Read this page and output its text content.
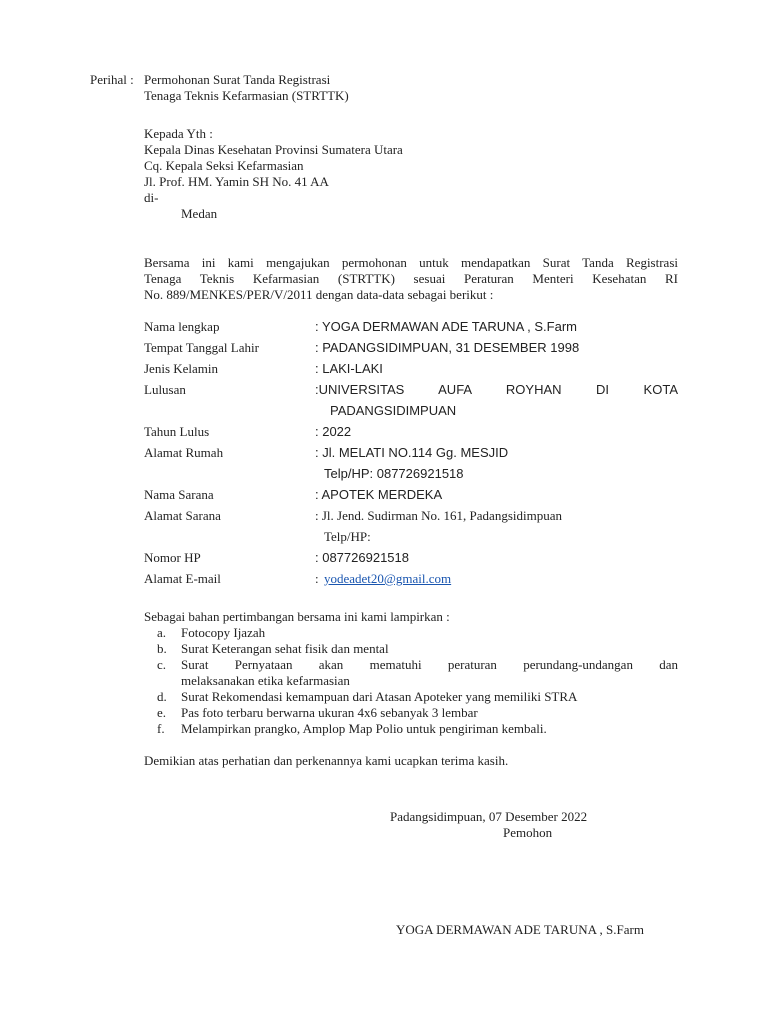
Perihal : Permohonan Surat Tanda Registrasi
Tenaga Teknis Kefarmasian (STRTTK)
Kepada Yth :
Kepala Dinas Kesehatan Provinsi Sumatera Utara
Cq. Kepala Seksi Kefarmasian
Jl. Prof. HM. Yamin SH No. 41 AA
di-
Medan
Bersama ini kami mengajukan permohonan untuk mendapatkan Surat Tanda Registrasi
Tenaga Teknis Kefarmasian (STRTTK) sesuai Peraturan Menteri Kesehatan RI
No. 889/MENKES/PER/V/2011 dengan data-data sebagai berikut :
Nama lengkap	: YOGA DERMAWAN ADE TARUNA , S.Farm
Tempat Tanggal Lahir	: PADANGSIDIMPUAN, 31 DESEMBER 1998
Jenis Kelamin	: LAKI-LAKI
Lulusan	:UNIVERSITAS AUFA ROYHAN DI KOTA
PADANGSIDIMPUAN
Tahun Lulus	: 2022
Alamat Rumah	: Jl. MELATI NO.114 Gg. MESJID
Telp/HP: 087726921518
Nama Sarana	: APOTEK MERDEKA
Alamat Sarana	: Jl. Jend. Sudirman No. 161, Padangsidimpuan
Telp/HP:
Nomor HP	: 087726921518
Alamat E-mail	: yodeadet20@gmail.com
Sebagai bahan pertimbangan bersama ini kami lampirkan :
a. Fotocopy Ijazah
b. Surat Keterangan sehat fisik dan mental
c. Surat Pernyataan akan mematuhi peraturan perundang-undangan dan
melaksanakan etika kefarmasian
d. Surat Rekomendasi kemampuan dari Atasan Apoteker yang memiliki STRA
e. Pas foto terbaru berwarna ukuran 4x6 sebanyak 3 lembar
f. Melampirkan prangko, Amplop Map Polio untuk pengiriman kembali.
Demikian atas perhatian dan perkenannya kami ucapkan terima kasih.
Padangsidimpuan, 07 Desember 2022
Pemohon
YOGA DERMAWAN ADE TARUNA , S.Farm
